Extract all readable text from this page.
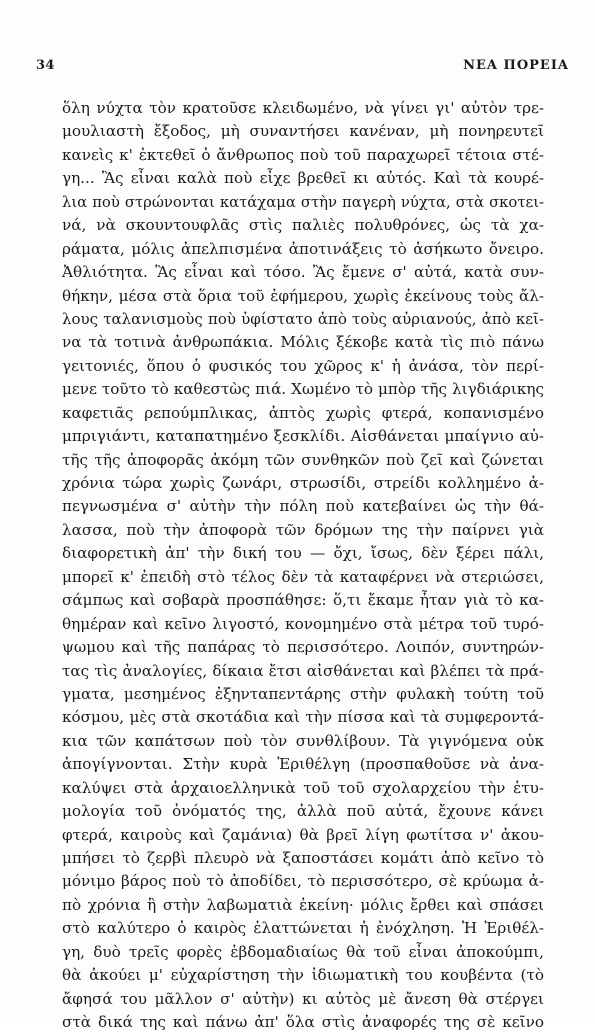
34	ΝΕΑ ΠΟΡΕΙΑ
ὅλη νύχτα τὸν κρατοῦσε κλειδωμένο, νὰ γίνει γι' αὐτὸν τρε-
μουλιαστὴ ἔξοδος, μὴ συναντήσει κανέναν, μὴ πονηρευτεῖ
κανεὶς κ' ἐκτεθεῖ ὁ ἄνθρωπος ποὺ τοῦ παραχωρεῖ τέτοια στέ-
γη... Ἂς εἶναι καλὰ ποὺ εἶχε βρεθεῖ κι αὐτός. Καὶ τὰ κουρέ-
λια ποὺ στρώνονται κατάχαμα στὴν παγερὴ νύχτα, στὰ σκοτει-
νά, νὰ σκουντουφλᾶς στὶς παλιὲς πολυθρόνες, ὡς τὰ χα-
ράματα, μόλις ἀπελπισμένα ἀποτινάξεις τὸ ἀσήκωτο ὄνειρο.
Ἀθλιότητα. Ἂς εἶναι καὶ τόσο. Ἂς ἔμενε σ' αὐτά, κατὰ συν-
θήκην, μέσα στὰ ὅρια τοῦ ἐφήμερου, χωρὶς ἐκείνους τοὺς ἄλ-
λους ταλανισμοὺς ποὺ ὑφίστατο ἀπὸ τοὺς αὐριανούς, ἀπὸ κεῖ-
να τὰ τοτινὰ ἀνθρωπάκια. Μόλις ξέκοβε κατὰ τὶς πιὸ πάνω
γειτονιές, ὅπου ὁ φυσικός του χῶρος κ' ἡ ἀνάσα, τὸν περί-
μενε τοῦτο τὸ καθεστὼς πιά. Χωμένο τὸ μπὸρ τῆς λιγδιάρικης
καφετιᾶς ρεπούμπλικας, ἀπτὸς χωρὶς φτερά, κοπανισμένο
μπριγιάντι, καταπατημένο ξεσκλίδι. Αἰσθάνεται μπαίγνιο αὐ-
τῆς τῆς ἀποφορᾶς ἀκόμη τῶν συνθηκῶν ποὺ ζεῖ καὶ ζώνεται
χρόνια τώρα χωρὶς ζωνάρι, στρωσίδι, στρείδι κολλημένο ἀ-
πεγνωσμένα σ' αὐτὴν τὴν πόλη ποὺ κατεβαίνει ὡς τὴν θά-
λασσα, ποὺ τὴν ἀποφορὰ τῶν δρόμων της τὴν παίρνει γιὰ
διαφορετικὴ ἀπ' τὴν δική του — ὄχι, ἴσως, δὲν ξέρει πάλι,
μπορεῖ κ' ἐπειδὴ στὸ τέλος δὲν τὰ καταφέρνει νὰ στεριώσει,
σάμπως καὶ σοβαρὰ προσπάθησε: ὅ,τι ἔκαμε ἦταν γιὰ τὸ κα-
θημέραν καὶ κεῖνο λιγοστό, κονομημένο στὰ μέτρα τοῦ τυρό-
ψωμου καὶ τῆς παπάρας τὸ περισσότερο. Λοιπόν, συντηρών-
τας τὶς ἀναλογίες, δίκαια ἔτσι αἰσθάνεται καὶ βλέπει τὰ πρά-
γματα, μεσημένος ἐξηνταπεντάρης στὴν φυλακὴ τούτη τοῦ
κόσμου, μὲς στὰ σκοτάδια καὶ τὴν πίσσα καὶ τὰ συμφεροντά-
κια τῶν καπάτσων ποὺ τὸν συνθλίβουν. Τὰ γιγνόμενα οὐκ
ἀπογίγνονται. Στὴν κυρὰ Ἐριθέλγη (προσπαθοῦσε νὰ ἀνα-
καλύψει στὰ ἀρχαιοελληνικὰ τοῦ τοῦ σχολαρχείου τὴν ἐτυ-
μολογία τοῦ ὀνόματός της, ἀλλὰ ποῦ αὐτά, ἔχουνε κάνει
φτερά, καιροὺς καὶ ζαμάνια) θὰ βρεῖ λίγη φωτίτσα ν' ἀκου-
μπήσει τὸ ζερβὶ πλευρὸ νὰ ξαποστάσει κομάτι ἀπὸ κεῖνο τὸ
μόνιμο βάρος ποὺ τὸ ἀποδίδει, τὸ περισσότερο, σὲ κρύωμα ἀ-
πὸ χρόνια ἢ στὴν λαβωματιὰ ἐκείνη· μόλις ἔρθει καὶ σπάσει
στὸ καλύτερο ὁ καιρὸς ἐλαττώνεται ἡ ἐνόχληση. Ἡ Ἐριθέλ-
γη, δυὸ τρεῖς φορὲς ἑβδομαδιαίως θὰ τοῦ εἶναι ἀποκούμπι,
θὰ ἀκούει μ' εὐχαρίστηση τὴν ἰδιωματικὴ του κουβέντα (τὸ
ἄφησά του μᾶλλον σ' αὐτὴν) κι αὐτὸς μὲ ἄνεση θὰ στέργει
στὰ δικά της καὶ πάνω ἀπ' ὅλα στὶς ἀναφορές της σὲ κεῖνο
